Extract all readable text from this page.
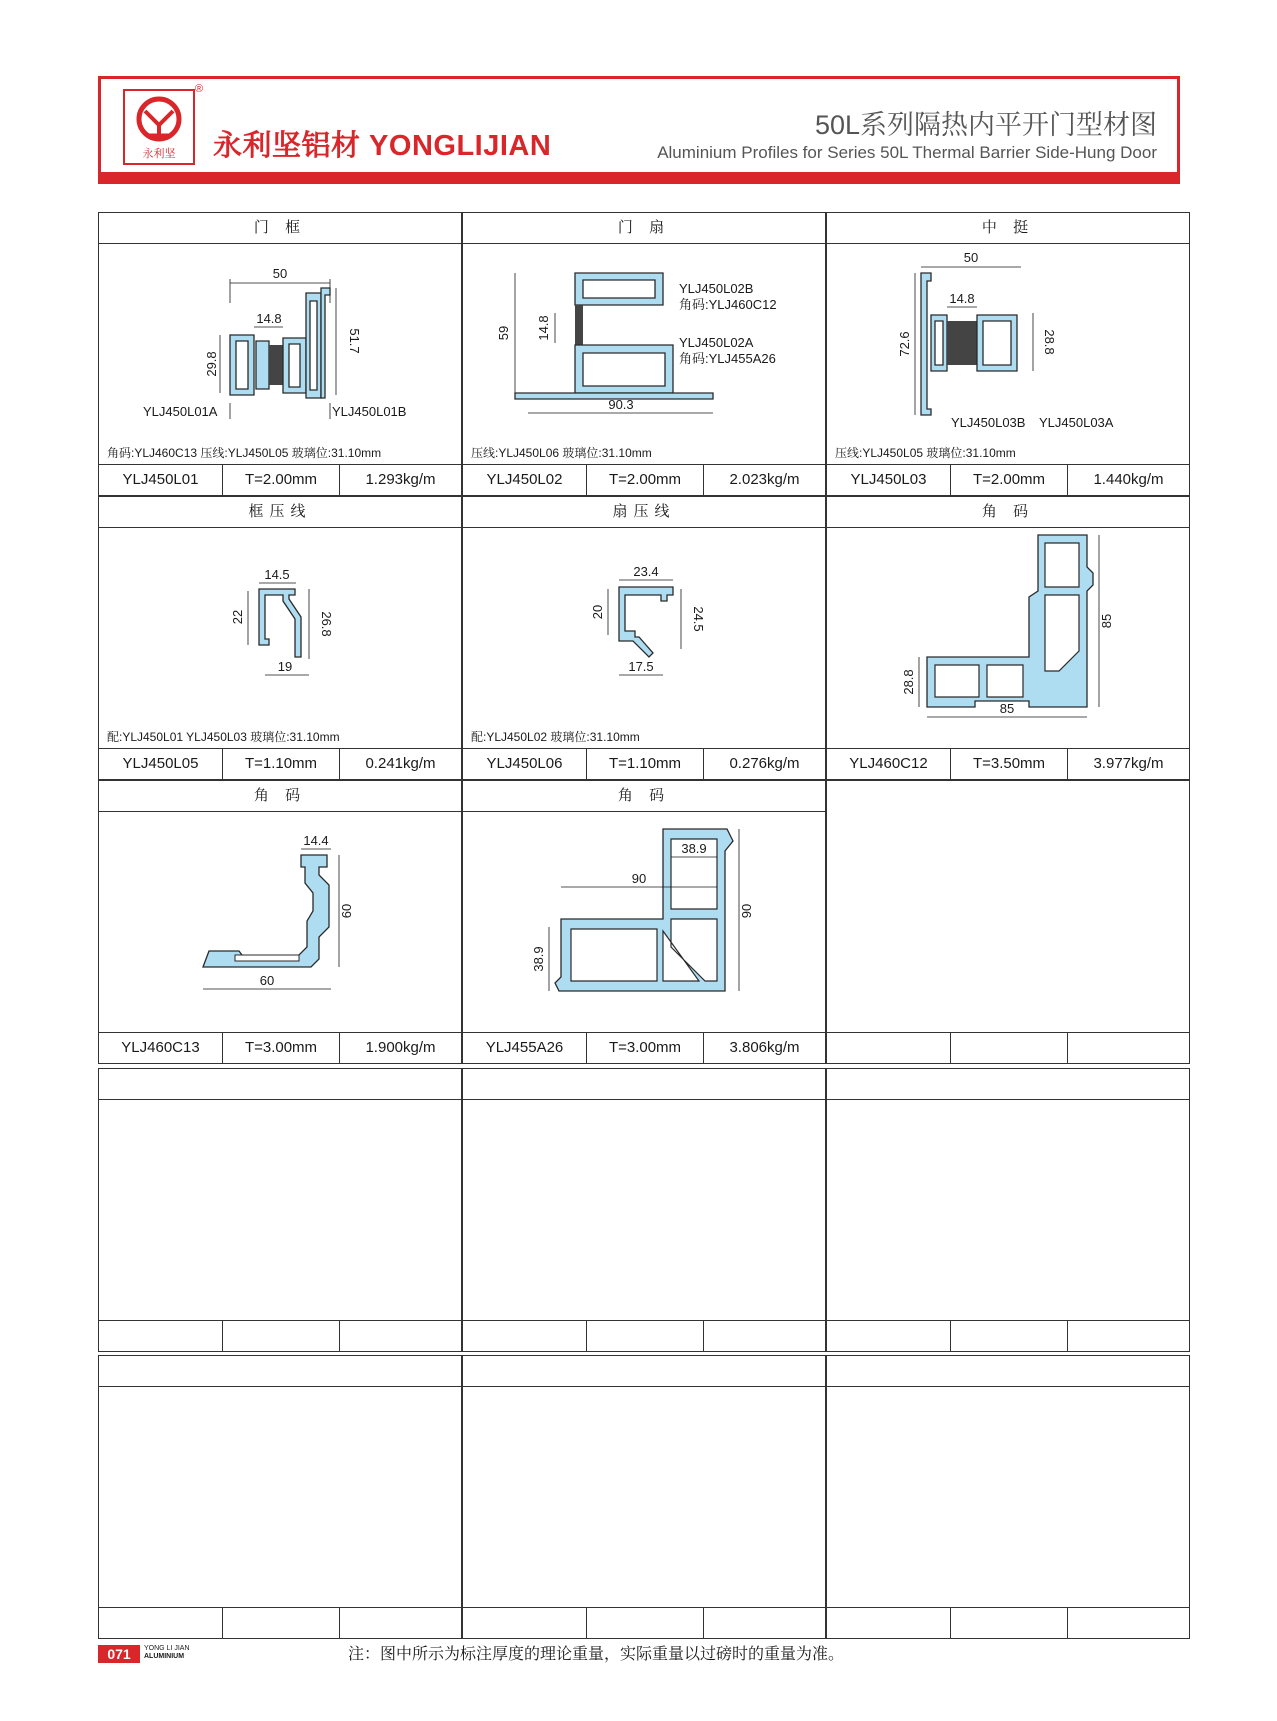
永利坚
®
永利坚铝材 YONGLIJIAN
50L系列隔热内平开门型材图
Aluminium Profiles for Series 50L Thermal Barrier Side-Hung Door
门 框
50
14.8
29.8
51.7
YLJ450L01A	YLJ450L01B
角码:YLJ460C13 压线:YLJ450L05 玻璃位:31.10mm
YLJ450L01	T=2.00mm	1.293kg/m
门 扇
59 14.8
90.3
YLJ450L02B
角码:YLJ460C12
YLJ450L02A
角码:YLJ455A26
压线:YLJ450L06 玻璃位:31.10mm
YLJ450L02	T=2.00mm	2.023kg/m
中 挺
50
14.8
72.6	28.8
YLJ450L03B YLJ450L03A
压线:YLJ450L05 玻璃位:31.10mm
YLJ450L03	T=2.00mm	1.440kg/m
框压线
14.5
22	26.8
19
配:YLJ450L01 YLJ450L03 玻璃位:31.10mm
YLJ450L05	T=1.10mm	0.241kg/m
扇压线
23.4
20	24.5
17.5
配:YLJ450L02 玻璃位:31.10mm
YLJ450L06	T=1.10mm	0.276kg/m
角 码
85
28.8
85
YLJ460C12	T=3.50mm	3.977kg/m
角 码
14.4
60
60
YLJ460C13	T=3.00mm	1.900kg/m
角 码
38.9
90
90
38.9
YLJ455A26	T=3.00mm	3.806kg/m
071	YONG LI JIAN
ALUMINIUM	注：图中所示为标注厚度的理论重量，实际重量以过磅时的重量为准。
